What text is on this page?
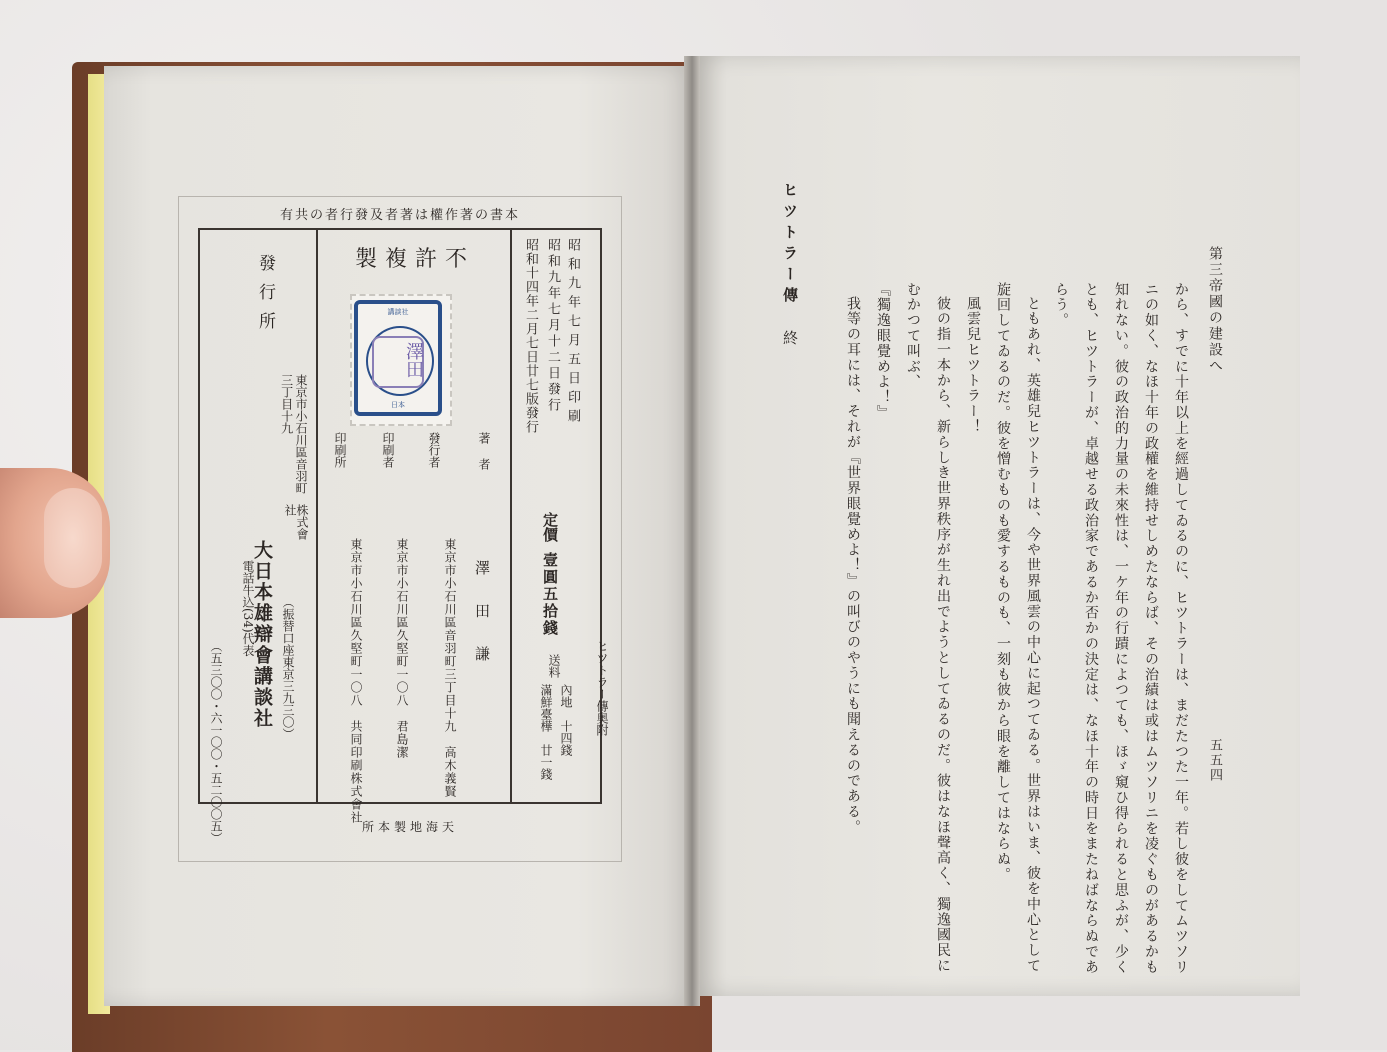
本書の著作權は著者及發行者の共有
不許複製
講談社
澤田
日本	昭和九年七月五日印刷
昭和九年七月十二日發行
昭和十四年二月七日廿七版發行
定價
壹圓五拾錢
送料
內地　十四錢
滿鮮臺樺　廿一錢	ヒツトラー傳奥附
著者
澤田謙
發行者
東京市小石川區音羽町三丁目十九　高木義賢
印刷者
東京市小石川區久堅町一〇八　君島潔
印刷所
東京市小石川區久堅町一〇八　共同印刷株式會社
發行所
東京市小石川區音羽町三丁目十九
株式會社
大日本雄辯會講談社 （振替口座東京三九三〇）
電話牛込(34)代表
（五三〇〇・六一〇〇・五二〇〇五）	天海地製本所
第三帝國の建設へ
五五四
から、すでに十年以上を經過してゐるのに、ヒツトラーは、まだたつた一年。若し彼をしてムツソリ
ニの如く、なほ十年の政權を維持せしめたならば、その治績は或はムツソリニを凌ぐものがあるかも
知れない。彼の政治的力量の未來性は、一ケ年の行蹟によつても、ほゞ窺ひ得られると思ふが、少く
とも、ヒツトラーが、卓越せる政治家であるか否かの決定は、なほ十年の時日をまたねばならぬであ
らう。
ともあれ、英雄兒ヒツトラーは、今や世界風雲の中心に起つてゐる。世界はいま、彼を中心として
旋回してゐるのだ。彼を憎むものも愛するものも、一刻も彼から眼を離してはならぬ。
風雲兒ヒツトラー！
彼の指一本から、新らしき世界秩序が生れ出でようとしてゐるのだ。彼はなほ聲高く、獨逸國民に
むかつて叫ぶ、
『獨逸眼覺めよ！』
我等の耳には、それが『世界眼覺めよ！』の叫びのやうにも聞えるのである。
ヒツトラー傳
終
